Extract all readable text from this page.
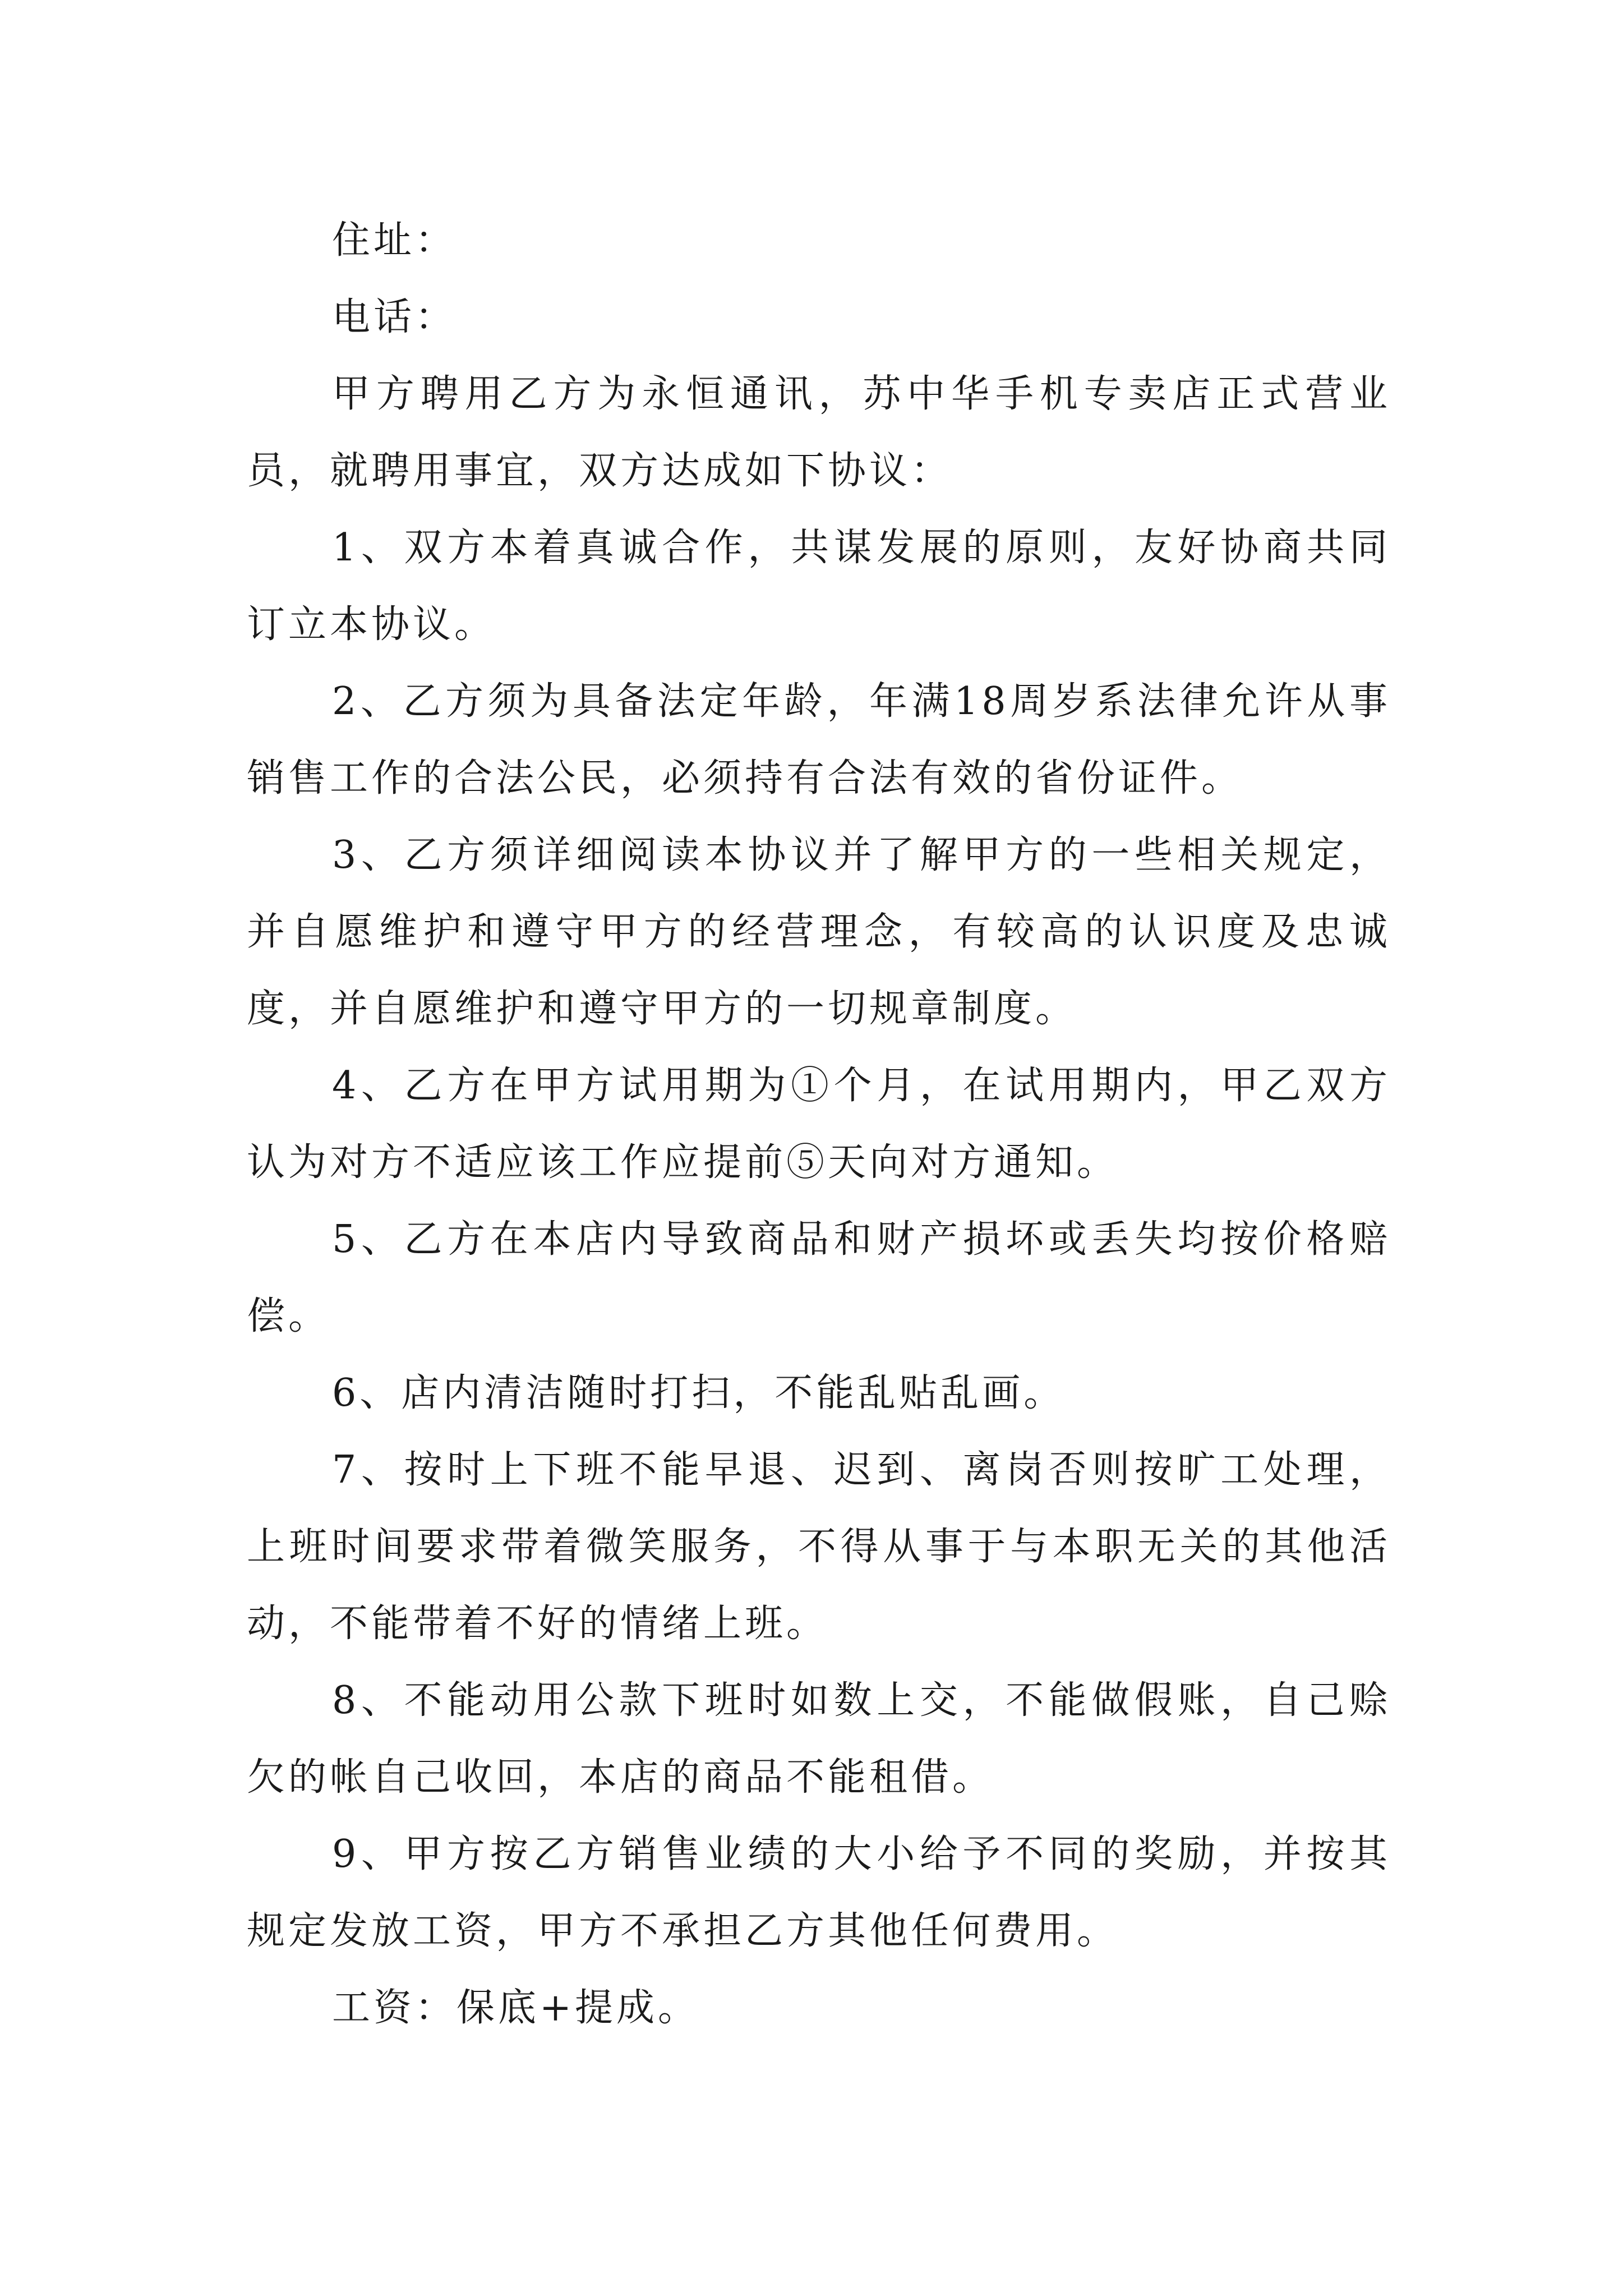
住址：

电话：

甲方聘用乙方为永恒通讯，苏中华手机专卖店正式营业员，就聘用事宜，双方达成如下协议：

1、双方本着真诚合作，共谋发展的原则，友好协商共同订立本协议。

2、乙方须为具备法定年龄，年满18周岁系法律允许从事销售工作的合法公民，必须持有合法有效的省份证件。

3、乙方须详细阅读本协议并了解甲方的一些相关规定，并自愿维护和遵守甲方的经营理念，有较高的认识度及忠诚度，并自愿维护和遵守甲方的一切规章制度。

4、乙方在甲方试用期为①个月，在试用期内，甲乙双方认为对方不适应该工作应提前⑤天向对方通知。

5、乙方在本店内导致商品和财产损坏或丢失均按价格赔偿。

6、店内清洁随时打扫，不能乱贴乱画。

7、按时上下班不能早退、迟到、离岗否则按旷工处理，上班时间要求带着微笑服务，不得从事于与本职无关的其他活动，不能带着不好的情绪上班。

8、不能动用公款下班时如数上交，不能做假账，自己赊欠的帐自己收回，本店的商品不能租借。

9、甲方按乙方销售业绩的大小给予不同的奖励，并按其规定发放工资，甲方不承担乙方其他任何费用。

工资：保底+提成。
